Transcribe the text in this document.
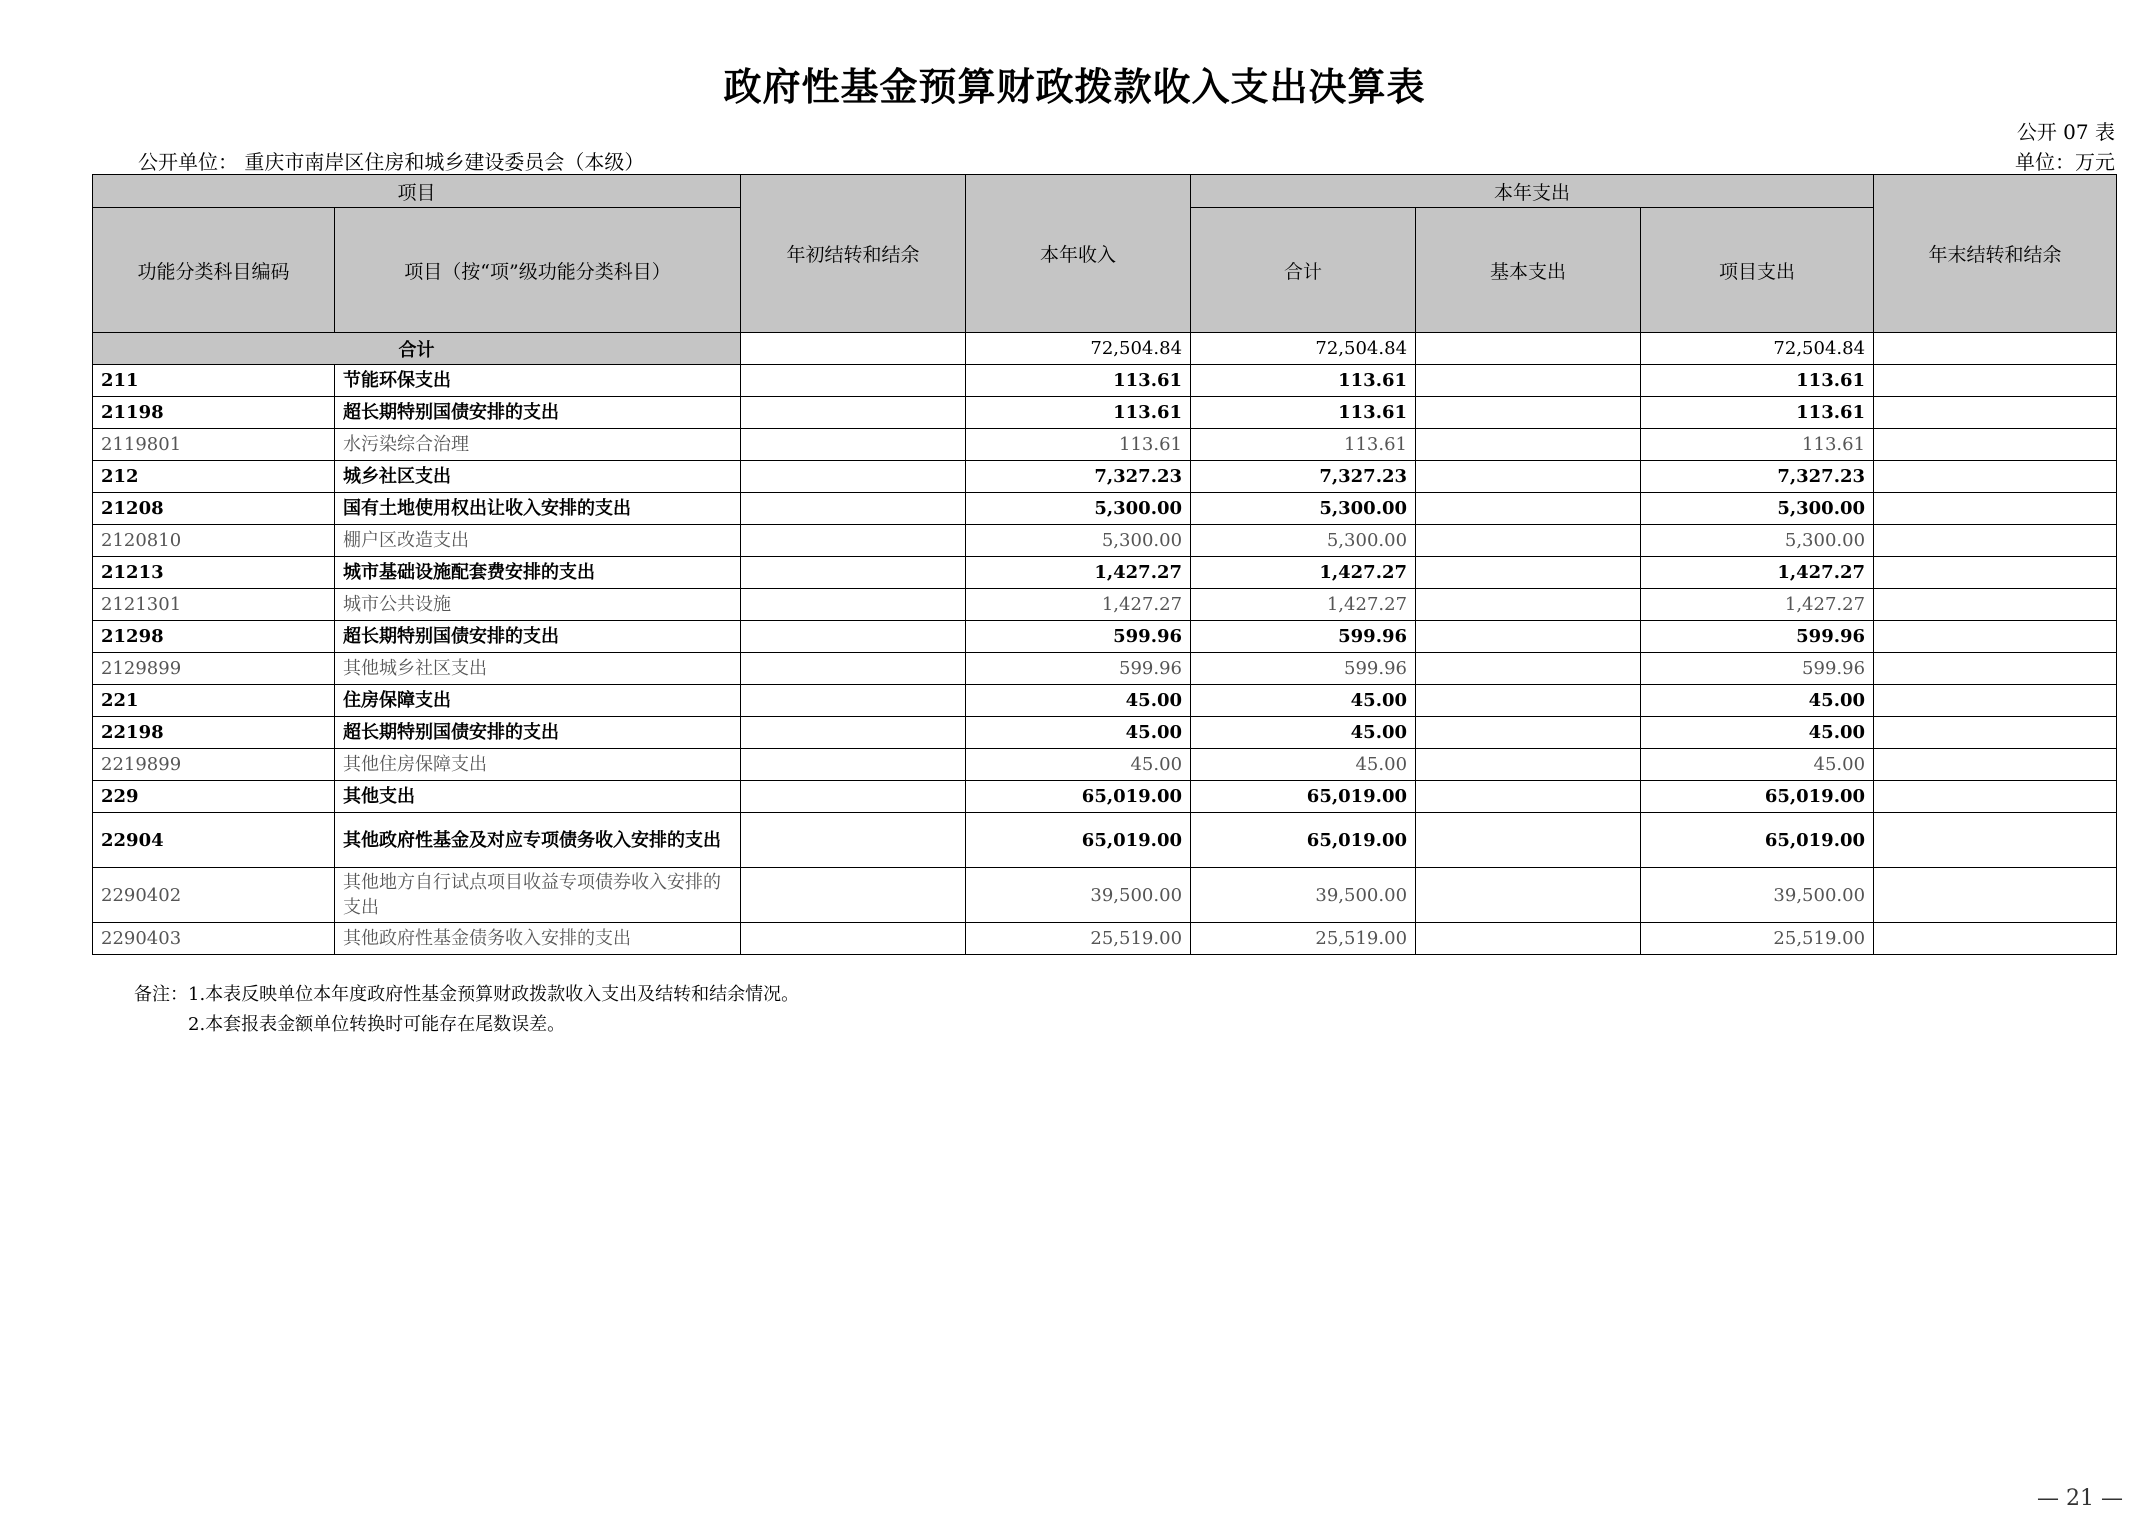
政府性基金预算财政拨款收入支出决算表
公开 07 表
公开单位： 重庆市南岸区住房和城乡建设委员会（本级）	单位：万元
项目		年初结转和结余	本年收入	本年支出			年末结转和结余
功能分类科目编码	项目（按“项”级功能分类科目）			合计	基本支出	项目支出	
合计			72,504.84	72,504.84		72,504.84	
211	节能环保支出		113.61	113.61		113.61	
21198	超长期特别国债安排的支出		113.61	113.61		113.61	
2119801	水污染综合治理		113.61	113.61		113.61	
212	城乡社区支出		7,327.23	7,327.23		7,327.23	
21208	国有土地使用权出让收入安排的支出		5,300.00	5,300.00		5,300.00	
2120810	棚户区改造支出		5,300.00	5,300.00		5,300.00	
21213	城市基础设施配套费安排的支出		1,427.27	1,427.27		1,427.27	
2121301	城市公共设施		1,427.27	1,427.27		1,427.27	
21298	超长期特别国债安排的支出		599.96	599.96		599.96	
2129899	其他城乡社区支出		599.96	599.96		599.96	
221	住房保障支出		45.00	45.00		45.00	
22198	超长期特别国债安排的支出		45.00	45.00		45.00	
2219899	其他住房保障支出		45.00	45.00		45.00	
229	其他支出		65,019.00	65,019.00		65,019.00	
22904	其他政府性基金及对应专项债务收入安排的支出		65,019.00	65,019.00		65,019.00	
2290402	其他地方自行试点项目收益专项债券收入安排的支出		39,500.00	39,500.00		39,500.00	
2290403	其他政府性基金债务收入安排的支出		25,519.00	25,519.00		25,519.00	
备注：1.本表反映单位本年度政府性基金预算财政拨款收入支出及结转和结余情况。
2.本套报表金额单位转换时可能存在尾数误差。
— 21 —
